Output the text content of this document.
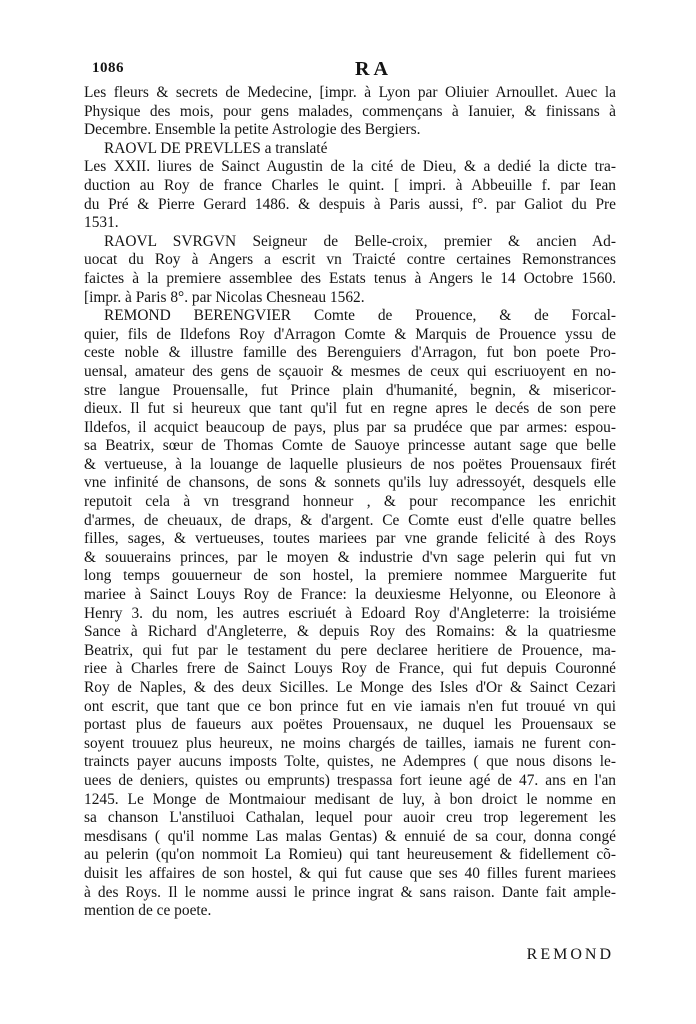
1086	RA
Les fleurs & secrets de Medecine, [impr. à Lyon par Oliuier Arnoullet. Auec la
Physique des mois, pour gens malades, commençans à Ianuier, & finissans à
Decembre. Ensemble la petite Astrologie des Bergiers.
RAOVL DE PREVLLES a translaté
Les XXII. liures de Sainct Augustin de la cité de Dieu, & a dedié la dicte tra-
duction au Roy de france Charles le quint. [ impri. à Abbeuille f. par Iean
du Pré & Pierre Gerard 1486. & despuis à Paris aussi, f°. par Galiot du Pre
1531.
RAOVL SVRGVN Seigneur de Belle-croix, premier & ancien Ad-
uocat du Roy à Angers a escrit vn Traicté contre certaines Remonstrances
faictes à la premiere assemblee des Estats tenus à Angers le 14 Octobre 1560.
[impr. à Paris 8°. par Nicolas Chesneau 1562.
REMOND BERENGVIER Comte de Prouence, & de Forcal-
quier, fils de Ildefons Roy d'Arragon Comte & Marquis de Prouence yssu de
ceste noble & illustre famille des Berenguiers d'Arragon, fut bon poete Pro-
uensal, amateur des gens de sçauoir & mesmes de ceux qui escriuoyent en no-
stre langue Prouensalle, fut Prince plain d'humanité, begnin, & misericor-
dieux. Il fut si heureux que tant qu'il fut en regne apres le decés de son pere
Ildefos, il acquict beaucoup de pays, plus par sa prudéce que par armes: espou-
sa Beatrix, sœur de Thomas Comte de Sauoye princesse autant sage que belle
& vertueuse, à la louange de laquelle plusieurs de nos poëtes Prouensaux firét
vne infinité de chansons, de sons & sonnets qu'ils luy adressoyét, desquels elle
reputoit cela à vn tresgrand honneur , & pour recompance les enrichit
d'armes, de cheuaux, de draps, & d'argent. Ce Comte eust d'elle quatre belles
filles, sages, & vertueuses, toutes mariees par vne grande felicité à des Roys
& souuerains princes, par le moyen & industrie d'vn sage pelerin qui fut vn
long temps gouuerneur de son hostel, la premiere nommee Marguerite fut
mariee à Sainct Louys Roy de France: la deuxiesme Helyonne, ou Eleonore à
Henry 3. du nom, les autres escriuét à Edoard Roy d'Angleterre: la troisiéme
Sance à Richard d'Angleterre, & depuis Roy des Romains: & la quatriesme
Beatrix, qui fut par le testament du pere declaree heritiere de Prouence, ma-
riee à Charles frere de Sainct Louys Roy de France, qui fut depuis Couronné
Roy de Naples, & des deux Sicilles. Le Monge des Isles d'Or & Sainct Cezari
ont escrit, que tant que ce bon prince fut en vie iamais n'en fut trouué vn qui
portast plus de faueurs aux poëtes Prouensaux, ne duquel les Prouensaux se
soyent trouuez plus heureux, ne moins chargés de tailles, iamais ne furent con-
traincts payer aucuns imposts Tolte, quistes, ne Adempres ( que nous disons le-
uees de deniers, quistes ou emprunts) trespassa fort ieune agé de 47. ans en l'an
1245. Le Monge de Montmaiour medisant de luy, à bon droict le nomme en
sa chanson L'anstiluoi Cathalan, lequel pour auoir creu trop legerement les
mesdisans ( qu'il nomme Las malas Gentas) & ennuié de sa cour, donna congé
au pelerin (qu'on nommoit La Romieu) qui tant heureusement & fidellement cõ-
duisit les affaires de son hostel, & qui fut cause que ses 40 filles furent mariees
à des Roys. Il le nomme aussi le prince ingrat & sans raison. Dante fait ample-
mention de ce poete.
REMOND
